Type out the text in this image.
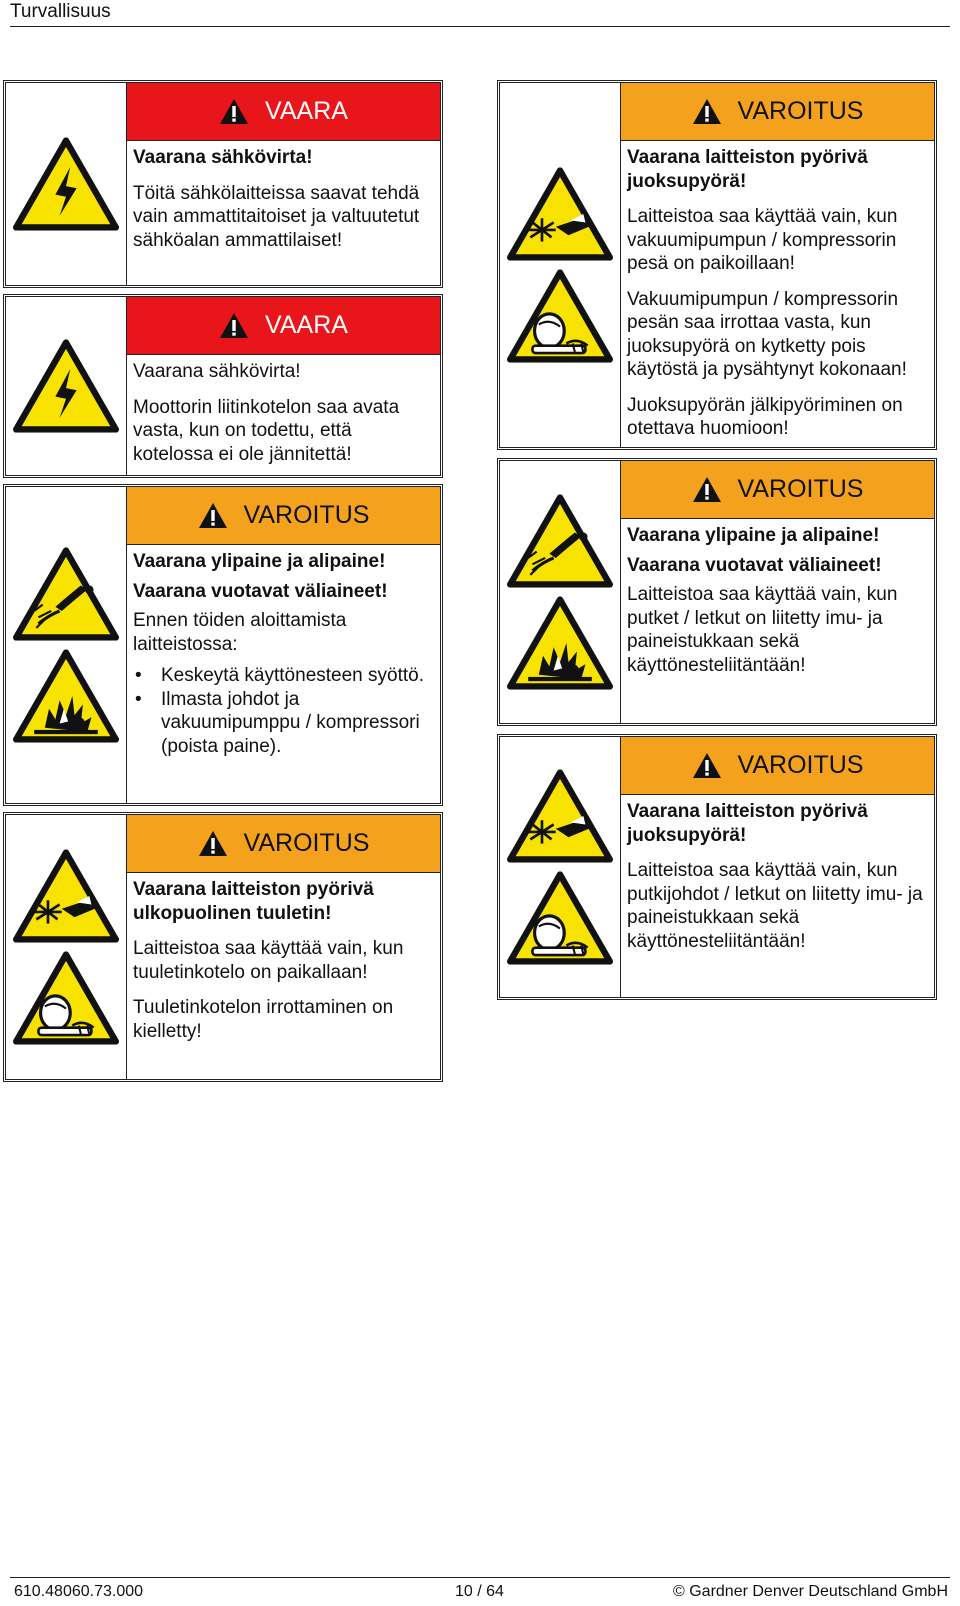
Turvallisuus
VAARA

Vaarana sähkövirta!

Töitä sähkölaitteissa saavat tehdä vain ammattitaitoiset ja valtuutetut sähköalan ammattilaiset!

VAARA

Vaarana sähkövirta!

Moottorin liitinkotelon saa avata vasta, kun on todettu, että kotelossa ei ole jännitettä!

VAROITUS

Vaarana ylipaine ja alipaine!

Vaarana vuotavat väliaineet!

Ennen töiden aloittamista laitteistossa:

• Keskeytä käyttönesteen syöttö.
• Ilmasta johdot ja vakuumipumppu / kompressori (poista paine).
VAROITUS

Vaarana laitteiston pyörivä ulkopuolinen tuuletin!

Laitteistoa saa käyttää vain, kun tuuletinkotelo on paikallaan!

Tuuletinkotelon irrottaminen on kielletty!

VAROITUS

Vaarana laitteiston pyörivä juoksupyörä!

Laitteistoa saa käyttää vain, kun vakuumipumpun / kompressorin pesä on paikoillaan!

Vakuumipumpun / kompressorin pesän saa irrottaa vasta, kun juoksupyörä on kytketty pois käytöstä ja pysähtynyt kokonaan!

Juoksupyörän jälkipyöriminen on otettava huomioon!

VAROITUS

Vaarana ylipaine ja alipaine!

Vaarana vuotavat väliaineet!

Laitteistoa saa käyttää vain, kun putket / letkut on liitetty imu- ja paineistukkaan sekä käyttönesteliitäntään!

VAROITUS

Vaarana laitteiston pyörivä juoksupyörä!

Laitteistoa saa käyttää vain, kun putkijohdot / letkut on liitetty imu- ja paineistukkaan sekä käyttönesteliitäntään!

610.48060.73.000	10 / 64	© Gardner Denver Deutschland GmbH
